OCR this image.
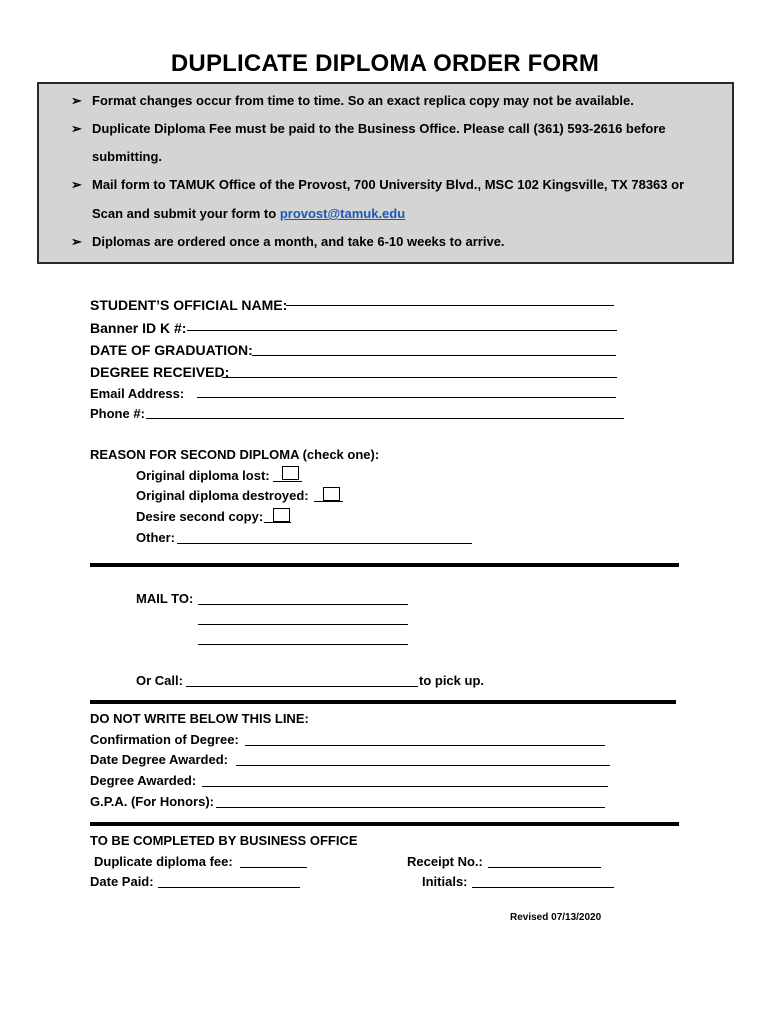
DUPLICATE DIPLOMA ORDER FORM
➢ Format changes occur from time to time. So an exact replica copy may not be available.
➢ Duplicate Diploma Fee must be paid to the Business Office. Please call (361) 593-2616 before
submitting.
➢ Mail form to TAMUK Office of the Provost, 700 University Blvd., MSC 102 Kingsville, TX 78363 or
Scan and submit your form to provost@tamuk.edu
➢ Diplomas are ordered once a month, and take 6-10 weeks to arrive.
STUDENT’S OFFICIAL NAME:
Banner ID K #:
DATE OF GRADUATION:
DEGREE RECEIVED:
Email Address:
Phone #:
REASON FOR SECOND DIPLOMA (check one):
Original diploma lost:
Original diploma destroyed:
Desire second copy:
Other:
MAIL TO:
Or Call:	to pick up.
DO NOT WRITE BELOW THIS LINE:
Confirmation of Degree:
Date Degree Awarded:
Degree Awarded:
G.P.A. (For Honors):
TO BE COMPLETED BY BUSINESS OFFICE
Duplicate diploma fee:	Receipt No.:
Date Paid:	Initials:
Revised 07/13/2020
